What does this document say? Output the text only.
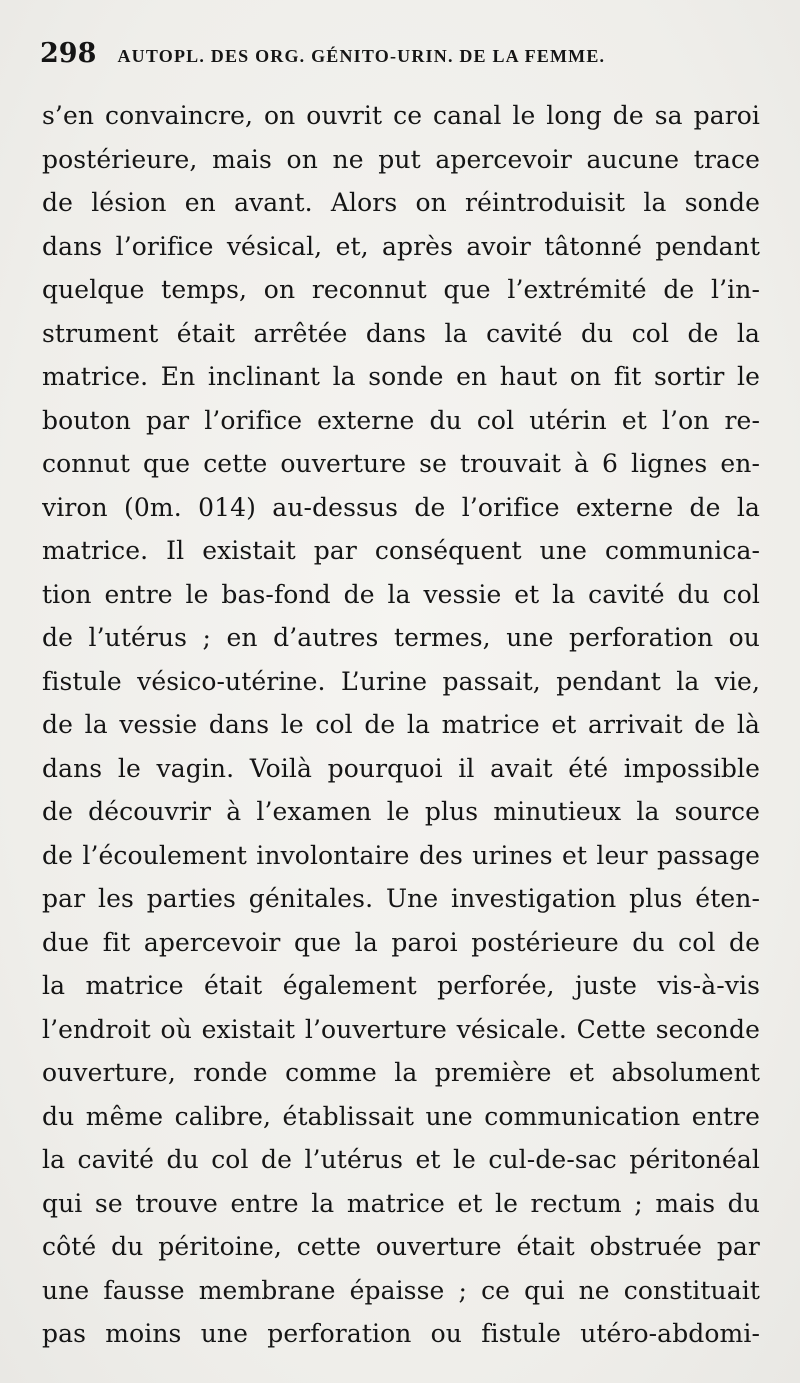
298 AUTOPL. DES ORG. GÉNITO-URIN. DE LA FEMME.
s’en convaincre, on ouvrit ce canal le long de sa paroi
postérieure, mais on ne put apercevoir aucune trace
de lésion en avant. Alors on réintroduisit la sonde
dans l’orifice vésical, et, après avoir tâtonné pendant
quelque temps, on reconnut que l’extrémité de l’in-
strument était arrêtée dans la cavité du col de la
matrice. En inclinant la sonde en haut on fit sortir le
bouton par l’orifice externe du col utérin et l’on re-
connut que cette ouverture se trouvait à 6 lignes en-
viron (0m. 014) au-dessus de l’orifice externe de la
matrice. Il existait par conséquent une communica-
tion entre le bas-fond de la vessie et la cavité du col
de l’utérus ; en d’autres termes, une perforation ou
fistule vésico-utérine. L’urine passait, pendant la vie,
de la vessie dans le col de la matrice et arrivait de là
dans le vagin. Voilà pourquoi il avait été impossible
de découvrir à l’examen le plus minutieux la source
de l’écoulement involontaire des urines et leur passage
par les parties génitales. Une investigation plus éten-
due fit apercevoir que la paroi postérieure du col de
la matrice était également perforée, juste vis-à-vis
l’endroit où existait l’ouverture vésicale. Cette seconde
ouverture, ronde comme la première et absolument
du même calibre, établissait une communication entre
la cavité du col de l’utérus et le cul-de-sac péritonéal
qui se trouve entre la matrice et le rectum ; mais du
côté du péritoine, cette ouverture était obstruée par
une fausse membrane épaisse ; ce qui ne constituait
pas moins une perforation ou fistule utéro-abdomi-
